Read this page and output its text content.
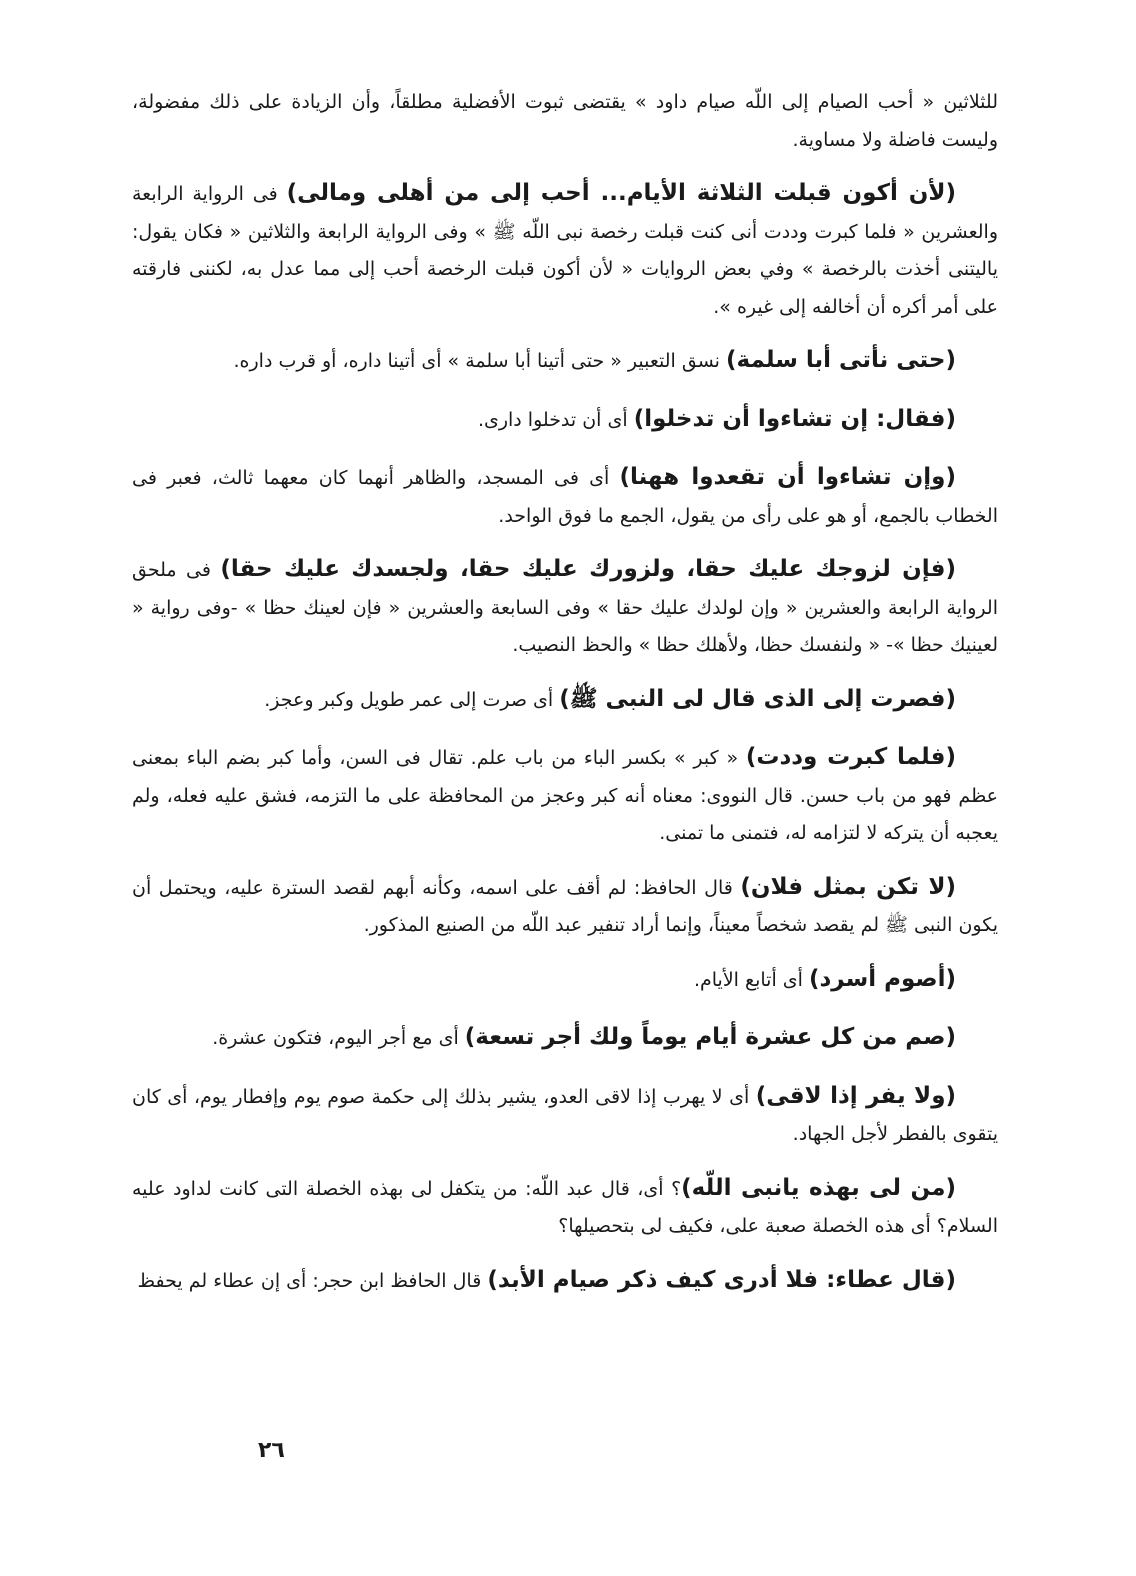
للثلاثين « أحب الصيام إلى اللّه صيام داود » يقتضى ثبوت الأفضلية مطلقاً، وأن الزيادة على ذلك مفضولة، وليست فاضلة ولا مساوية.

(لأن أكون قبلت الثلاثة الأيام... أحب إلى من أهلى ومالى) فى الرواية الرابعة والعشرين « فلما كبرت وددت أنى كنت قبلت رخصة نبى اللّه ﷺ » وفى الرواية الرابعة والثلاثين « فكان يقول: ياليتنى أخذت بالرخصة » وفي بعض الروايات « لأن أكون قبلت الرخصة أحب إلى مما عدل به، لكننى فارقته على أمر أكره أن أخالفه إلى غيره ».

(حتى نأتى أبا سلمة) نسق التعبير « حتى أتينا أبا سلمة » أى أتينا داره، أو قرب داره.

(فقال: إن تشاءوا أن تدخلوا) أى أن تدخلوا دارى.

(وإن تشاءوا أن تقعدوا ههنا) أى فى المسجد، والظاهر أنهما كان معهما ثالث، فعبر فى الخطاب بالجمع، أو هو على رأى من يقول، الجمع ما فوق الواحد.

(فإن لزوجك عليك حقا، ولزورك عليك حقا، ولجسدك عليك حقا) فى ملحق الرواية الرابعة والعشرين « وإن لولدك عليك حقا » وفى السابعة والعشرين « فإن لعينك حظا » -وفى رواية « لعينيك حظا »- « ولنفسك حظا، ولأهلك حظا » والحظ النصيب.

(فصرت إلى الذى قال لى النبى ﷺ) أى صرت إلى عمر طويل وكبر وعجز.

(فلما كبرت وددت) « كبر » بكسر الباء من باب علم. تقال فى السن، وأما كبر بضم الباء بمعنى عظم فهو من باب حسن. قال النووى: معناه أنه كبر وعجز من المحافظة على ما التزمه، فشق عليه فعله، ولم يعجبه أن يتركه لا لتزامه له، فتمنى ما تمنى.

(لا تكن بمثل فلان) قال الحافظ: لم أقف على اسمه، وكأنه أبهم لقصد السترة عليه، ويحتمل أن يكون النبى ﷺ لم يقصد شخصاً معيناً، وإنما أراد تنفير عبد اللّه من الصنيع المذكور.

(أصوم أسرد) أى أتابع الأيام.

(صم من كل عشرة أيام يوماً ولك أجر تسعة) أى مع أجر اليوم، فتكون عشرة.

(ولا يفر إذا لاقى) أى لا يهرب إذا لاقى العدو، يشير بذلك إلى حكمة صوم يوم وإفطار يوم، أى كان يتقوى بالفطر لأجل الجهاد.

(من لى بهذه يانبى اللّه)؟ أى، قال عبد اللّه: من يتكفل لى بهذه الخصلة التى كانت لداود عليه السلام؟ أى هذه الخصلة صعبة على، فكيف لى بتحصيلها؟

(قال عطاء: فلا أدرى كيف ذكر صيام الأبد) قال الحافظ ابن حجر: أى إن عطاء لم يحفظ

٢٦
